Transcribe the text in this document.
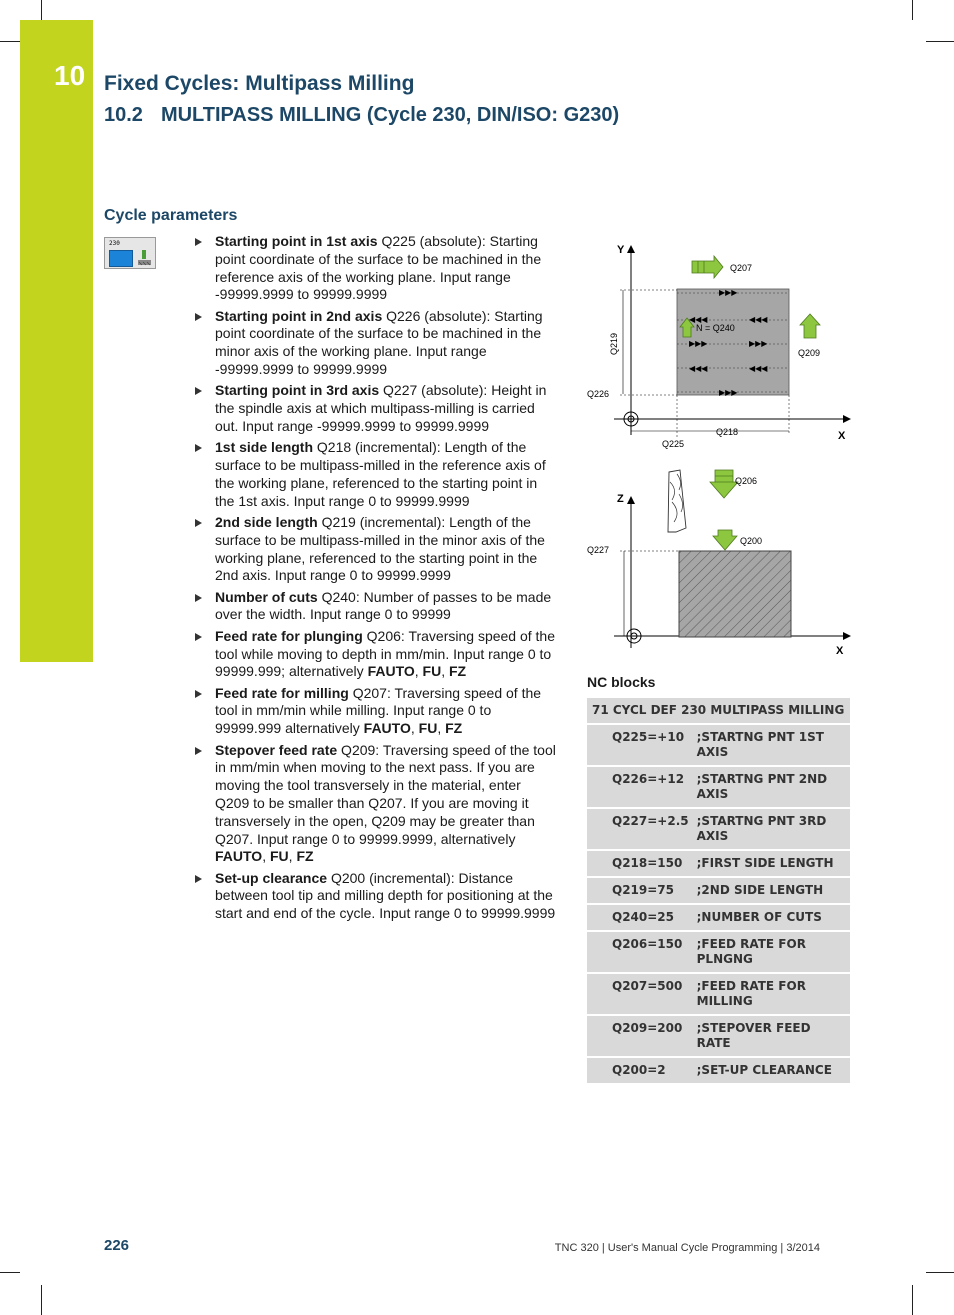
10 Fixed Cycles: Multipass Milling
10.2 MULTIPASS MILLING (Cycle 230, DIN/ISO: G230)
Cycle parameters
230	Starting point in 1st axis Q225 (absolute): Starting point coordinate of the surface to be machined in the reference axis of the working plane. Input range -99999.9999 to 99999.9999
Starting point in 2nd axis Q226 (absolute): Starting point coordinate of the surface to be machined in the minor axis of the working plane. Input range -99999.9999 to 99999.9999
Starting point in 3rd axis Q227 (absolute): Height in the spindle axis at which multipass-milling is carried out. Input range -99999.9999 to 99999.9999
1st side length Q218 (incremental): Length of the surface to be multipass-milled in the reference axis of the working plane, referenced to the starting point in the 1st axis. Input range 0 to 99999.9999
2nd side length Q219 (incremental): Length of the surface to be multipass-milled in the minor axis of the working plane, referenced to the starting point in the 2nd axis. Input range 0 to 99999.9999
Number of cuts Q240: Number of passes to be made over the width. Input range 0 to 99999
Feed rate for plunging Q206: Traversing speed of the tool while moving to depth in mm/min. Input range 0 to 99999.999; alternatively FAUTO, FU, FZ
Feed rate for milling Q207: Traversing speed of the tool in mm/min while milling. Input range 0 to 99999.999 alternatively FAUTO, FU, FZ
Stepover feed rate Q209: Traversing speed of the tool in mm/min when moving to the next pass. If you are moving the tool transversely in the material, enter Q209 to be smaller than Q207. If you are moving it transversely in the open, Q209 may be greater than Q207. Input range 0 to 99999.9999, alternatively FAUTO, FU, FZ
Set-up clearance Q200 (incremental): Distance between tool tip and milling depth for positioning at the start and end of the cycle. Input range 0 to 99999.9999
Y
X
▶▶▶
◀◀◀	◀◀◀
▶▶▶	▶▶▶
◀◀◀	◀◀◀
▶▶▶
Q207
N = Q240
Q209
Q219
Q226
Q218
Q225
Z
X
Q206
Q200
Q227
NC blocks
71 CYCL DEF 230 MULTIPASS MILLING	
Q225=+10	;STARTNG PNT 1ST AXIS
Q226=+12	;STARTNG PNT 2ND AXIS
Q227=+2.5	;STARTNG PNT 3RD AXIS
Q218=150	;FIRST SIDE LENGTH
Q219=75	;2ND SIDE LENGTH
Q240=25	;NUMBER OF CUTS
Q206=150	;FEED RATE FOR PLNGNG
Q207=500	;FEED RATE FOR MILLING
Q209=200	;STEPOVER FEED RATE
Q200=2	;SET-UP CLEARANCE
226	TNC 320 | User's Manual Cycle Programming | 3/2014
